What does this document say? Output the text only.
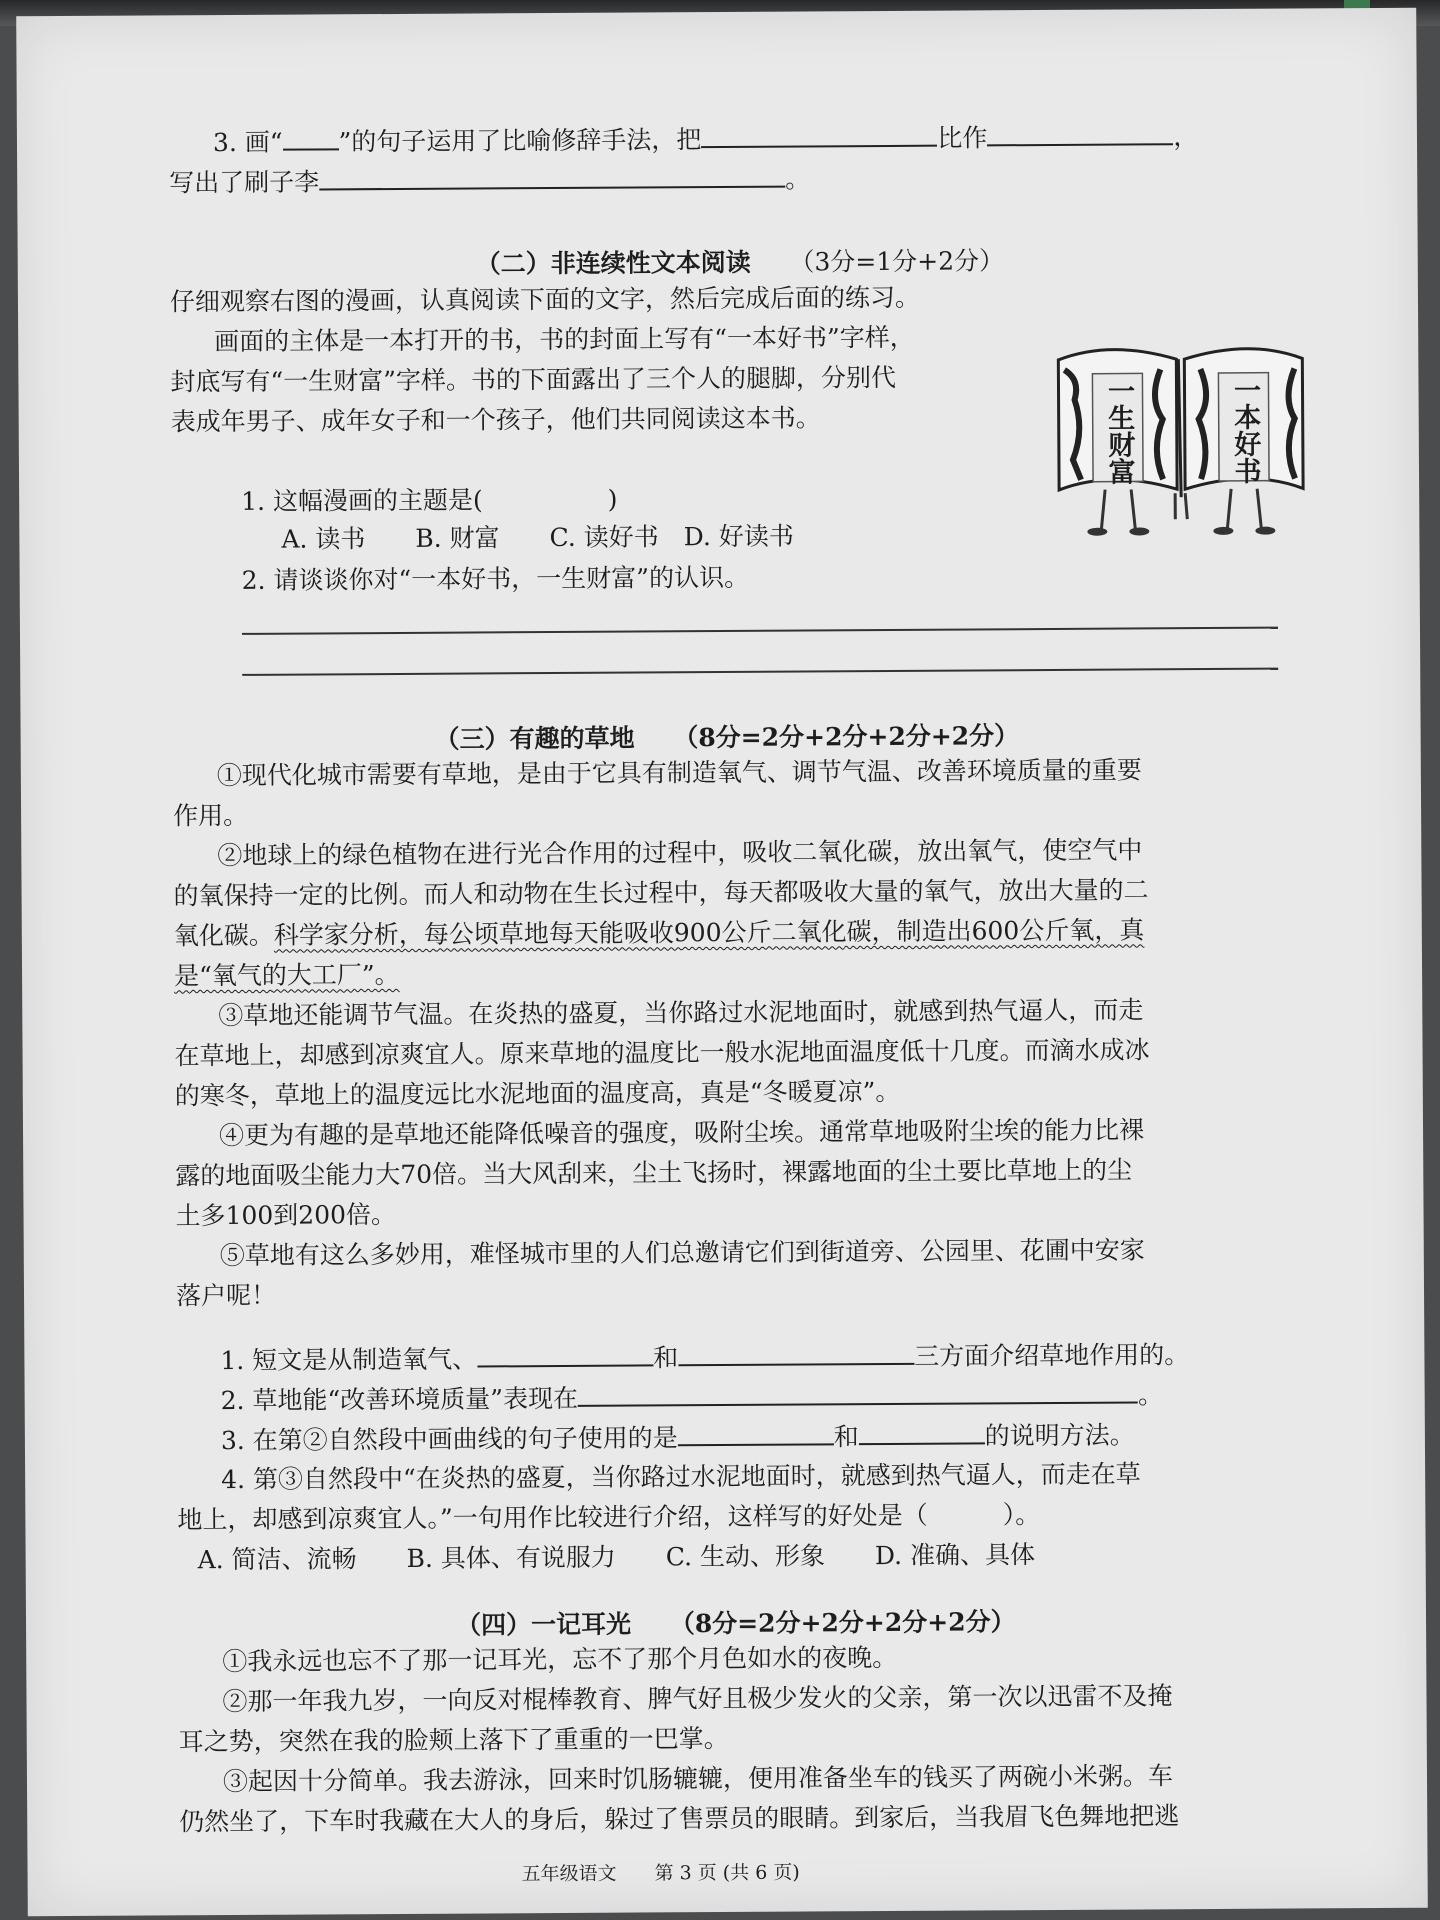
3. 画“ ”的句子运用了比喻修辞手法，把	比作	，
写出了刷子李	。
（二）非连续性文本阅读 （3分=1分+2分）
仔细观察右图的漫画，认真阅读下面的文字，然后完成后面的练习。
画面的主体是一本打开的书，书的封面上写有“一本好书”字样，
封底写有“一生财富”字样。书的下面露出了三个人的腿脚，分别代
表成年男子、成年女子和一个孩子，他们共同阅读这本书。
一生财富
一本好书
1. 这幅漫画的主题是(　　　　　)
A. 读书　　B. 财富　　C. 读好书　D. 好读书
2. 请谈谈你对“一本好书，一生财富”的认识。
（三）有趣的草地 （8分=2分+2分+2分+2分）
①现代化城市需要有草地，是由于它具有制造氧气、调节气温、改善环境质量的重要
作用。
②地球上的绿色植物在进行光合作用的过程中，吸收二氧化碳，放出氧气，使空气中
的氧保持一定的比例。而人和动物在生长过程中，每天都吸收大量的氧气，放出大量的二
氧化碳。科学家分析，每公顷草地每天能吸收900公斤二氧化碳，制造出600公斤氧，真
是“氧气的大工厂”。
③草地还能调节气温。在炎热的盛夏，当你路过水泥地面时，就感到热气逼人，而走
在草地上，却感到凉爽宜人。原来草地的温度比一般水泥地面温度低十几度。而滴水成冰
的寒冬，草地上的温度远比水泥地面的温度高，真是“冬暖夏凉”。
④更为有趣的是草地还能降低噪音的强度，吸附尘埃。通常草地吸附尘埃的能力比裸
露的地面吸尘能力大70倍。当大风刮来，尘土飞扬时，裸露地面的尘土要比草地上的尘
土多100到200倍。
⑤草地有这么多妙用，难怪城市里的人们总邀请它们到街道旁、公园里、花圃中安家
落户呢！
1. 短文是从制造氧气、	和	三方面介绍草地作用的。
2. 草地能“改善环境质量”表现在	。
3. 在第②自然段中画曲线的句子使用的是	和	的说明方法。
4. 第③自然段中“在炎热的盛夏，当你路过水泥地面时，就感到热气逼人，而走在草
地上，却感到凉爽宜人。”一句用作比较进行介绍，这样写的好处是（　　　）。
A. 简洁、流畅　　B. 具体、有说服力　　C. 生动、形象　　D. 准确、具体
（四）一记耳光 （8分=2分+2分+2分+2分）
①我永远也忘不了那一记耳光，忘不了那个月色如水的夜晚。
②那一年我九岁，一向反对棍棒教育、脾气好且极少发火的父亲，第一次以迅雷不及掩
耳之势，突然在我的脸颊上落下了重重的一巴掌。
③起因十分简单。我去游泳，回来时饥肠辘辘，便用准备坐车的钱买了两碗小米粥。车
仍然坐了，下车时我藏在大人的身后，躲过了售票员的眼睛。到家后，当我眉飞色舞地把逃
五年级语文　　第 3 页 (共 6 页)
